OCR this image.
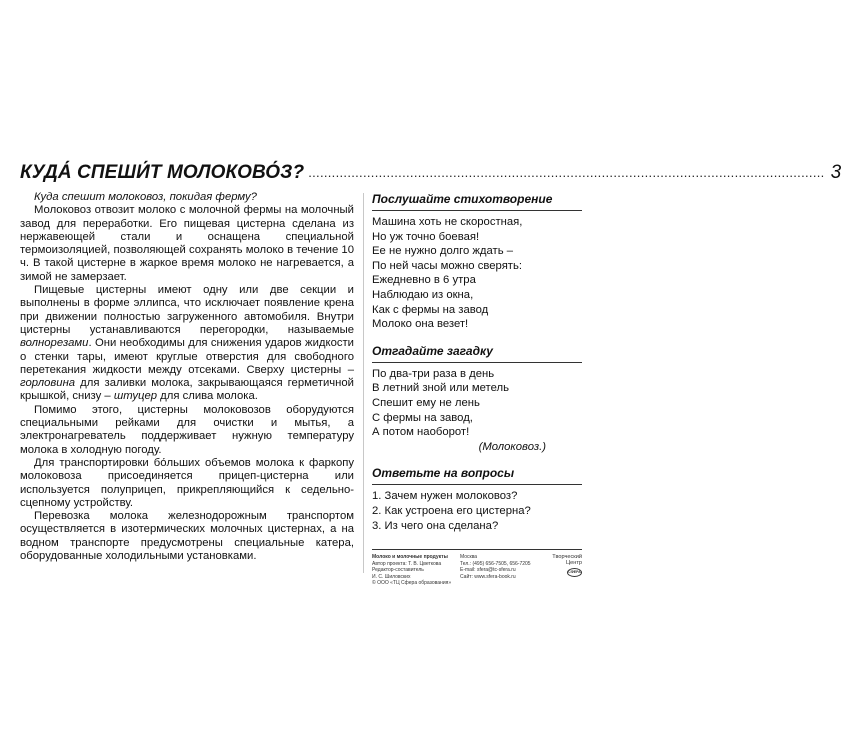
КУДА́ СПЕШИ́Т МОЛОКОВО́З? .................................................................................................................................... 3

Куда спешит молоковоз, покидая ферму?

Молоковоз отвозит молоко с молочной фермы на молочный завод для переработки. Его пищевая цистерна сделана из нержавеющей стали и оснащена специальной термоизоляцией, позволяющей сохранять молоко в течение 10 ч. В такой цистерне в жаркое время молоко не нагревается, а зимой не замерзает.

Пищевые цистерны имеют одну или две секции и выполнены в форме эллипса, что исключает появление крена при движении полностью загруженного автомобиля. Внутри цистерны устанавливаются перегородки, называемые волнорезами. Они необходимы для снижения ударов жидкости о стенки тары, имеют круглые отверстия для свободного перетекания жидкости между отсеками. Сверху цистерны – горловина для заливки молока, закрывающаяся герметичной крышкой, снизу – штуцер для слива молока.

Помимо этого, цистерны молоковозов оборудуются специальными рейками для очистки и мытья, а электронагреватель поддерживает нужную температуру молока в холодную погоду.

Для транспортировки бо́льших объемов молока к фаркопу молоковоза присоединяется прицеп-цистерна или используется полуприцеп, прикрепляющийся к седельно-сцепному устройству.

Перевозка молока железнодорожным транспортом осуществляется в изотермических молочных цистернах, а на водном транспорте предусмотрены специальные катера, оборудованные холодильными установками.

Послушайте стихотворение
Машина хоть не скоростная,
Но уж точно боевая!
Ее не нужно долго ждать –
По ней часы можно сверять:
Ежедневно в 6 утра
Наблюдаю из окна,
Как с фермы на завод
Молоко она везет!
Отгадайте загадку
По два-три раза в день
В летний зной или метель
Спешит ему не лень
С фермы на завод,
А потом наоборот!
(Молоковоз.)
Ответьте на вопросы
1. Зачем нужен молоковоз?
2. Как устроена его цистерна?
3. Из чего она сделана?
Молоко и молочные продукты
Автор проекта: Т. В. Цветкова
Редактор-составитель
И. С. Шиловских
© ООО «ТЦ Сфера образования»
Москва
Тел.: (495) 656-7505, 656-7205
E-mail: sfera@tc-sfera.ru
Сайт: www.sfera-book.ru
Творческий
Центр
СФЕРА
